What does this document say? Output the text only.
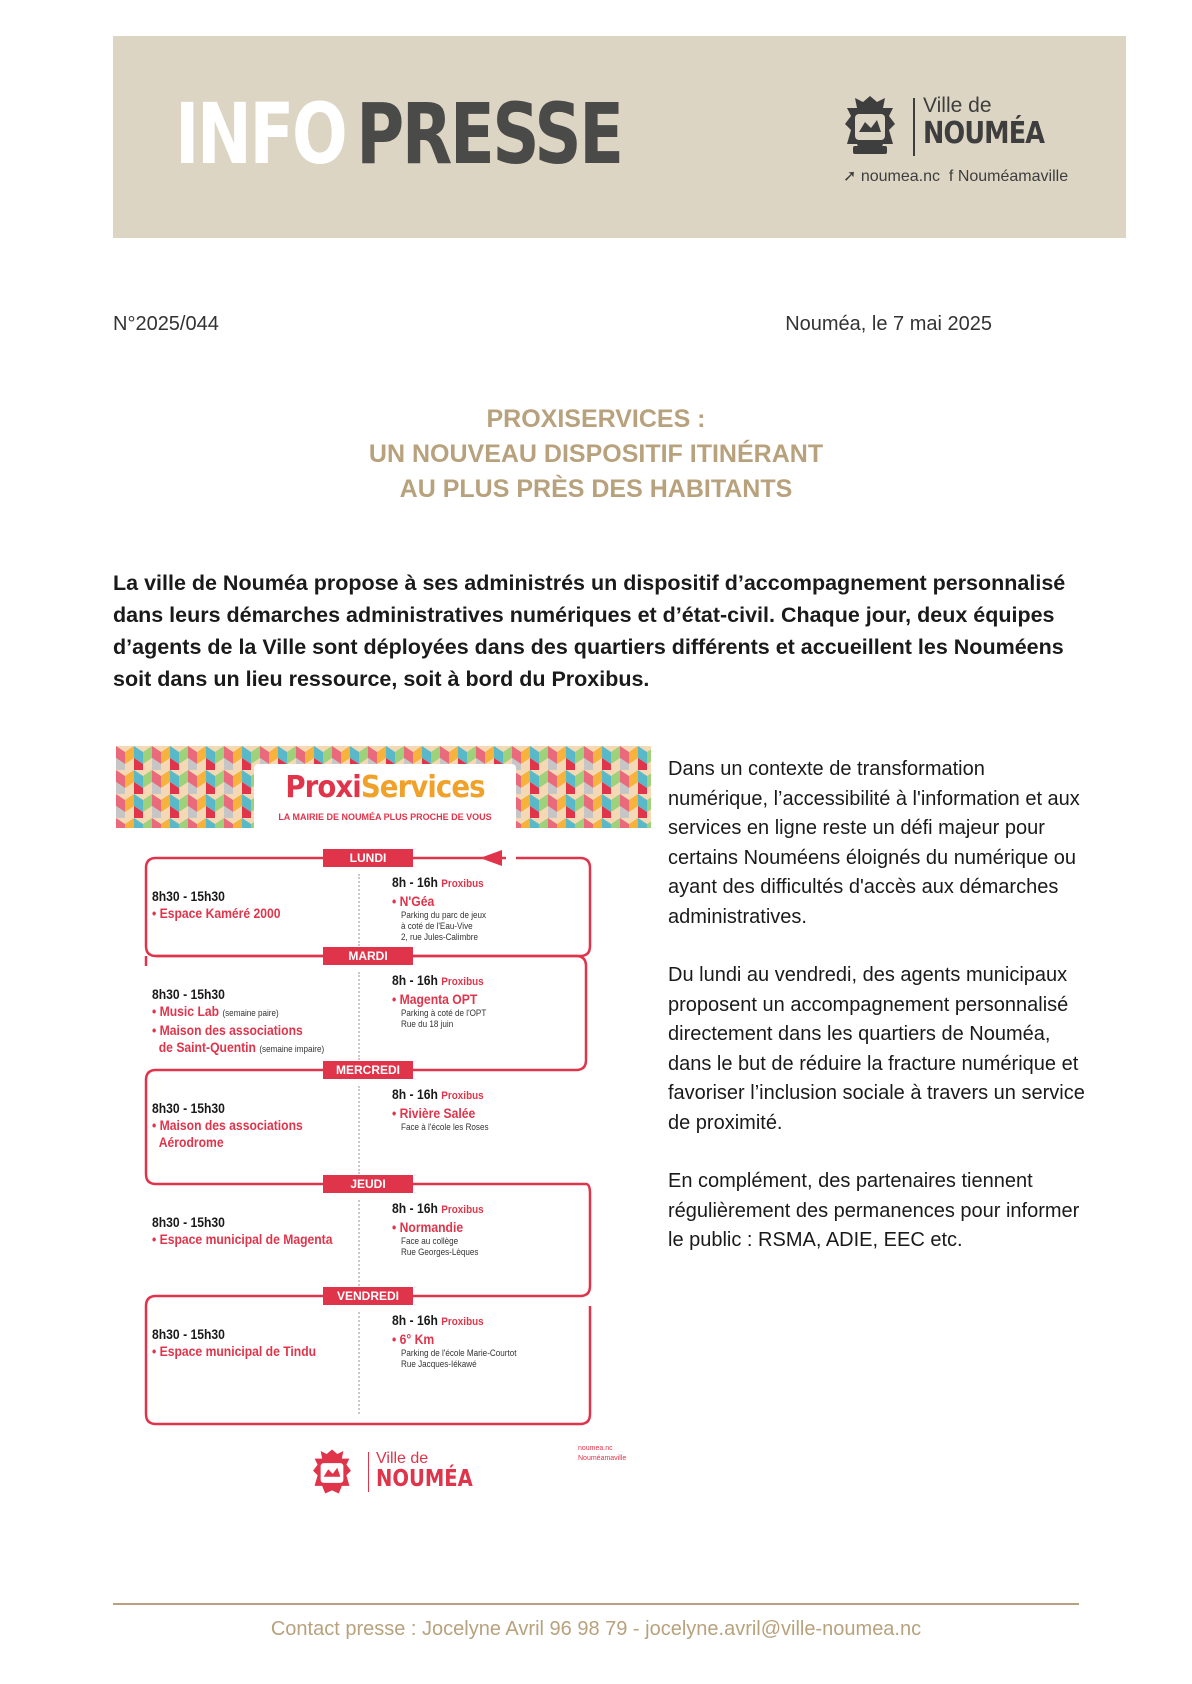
INFO PRESSE	Ville de
NOUMÉA
➚ noumea.nc f Nouméamaville
N°2025/044	Nouméa, le 7 mai 2025
PROXISERVICES :
UN NOUVEAU DISPOSITIF ITINÉRANT
AU PLUS PRÈS DES HABITANTS
La ville de Nouméa propose à ses administrés un dispositif d’accompagnement personnalisé dans leurs démarches administratives numériques et d’état-civil. Chaque jour, deux équipes d’agents de la Ville sont déployées dans des quartiers différents et accueillent les Nouméens soit dans un lieu ressource, soit à bord du Proxibus.
ProxiServices
LA MAIRIE DE NOUMÉA PLUS PROCHE DE VOUS
LUNDI
8h30 - 15h30
• Espace Kaméré 2000
8h - 16h Proxibus
• N'Géa
Parking du parc de jeux
à coté de l'Eau-Vive
2, rue Jules-Calimbre
MARDI
8h30 - 15h30
• Music Lab (semaine paire)
• Maison des associations
de Saint-Quentin (semaine impaire)
8h - 16h Proxibus
• Magenta OPT
Parking à coté de l'OPT
Rue du 18 juin
MERCREDI
8h30 - 15h30
• Maison des associations
Aérodrome
8h - 16h Proxibus
• Rivière Salée
Face à l'école les Roses
JEUDI
8h30 - 15h30
• Espace municipal de Magenta
8h - 16h Proxibus
• Normandie
Face au collège
Rue Georges-Lèques
VENDREDI
8h30 - 15h30
• Espace municipal de Tindu
8h - 16h Proxibus
• 6° Km
Parking de l'école Marie-Courtot
Rue Jacques-Iékawé
Ville de
NOUMÉA
noumea.nc
Nouméamaville

Dans un contexte de transformation numérique, l’accessibilité à l'information et aux services en ligne reste un défi majeur pour certains Nouméens éloignés du numérique ou ayant des difficultés d'accès aux démarches administratives.

Du lundi au vendredi, des agents municipaux proposent un accompagnement personnalisé directement dans les quartiers de Nouméa, dans le but de réduire la fracture numérique et favoriser l’inclusion sociale à travers un service de proximité.

En complément, des partenaires tiennent régulièrement des permanences pour informer le public : RSMA, ADIE, EEC etc.

Contact presse : Jocelyne Avril 96 98 79 - jocelyne.avril@ville-noumea.nc
